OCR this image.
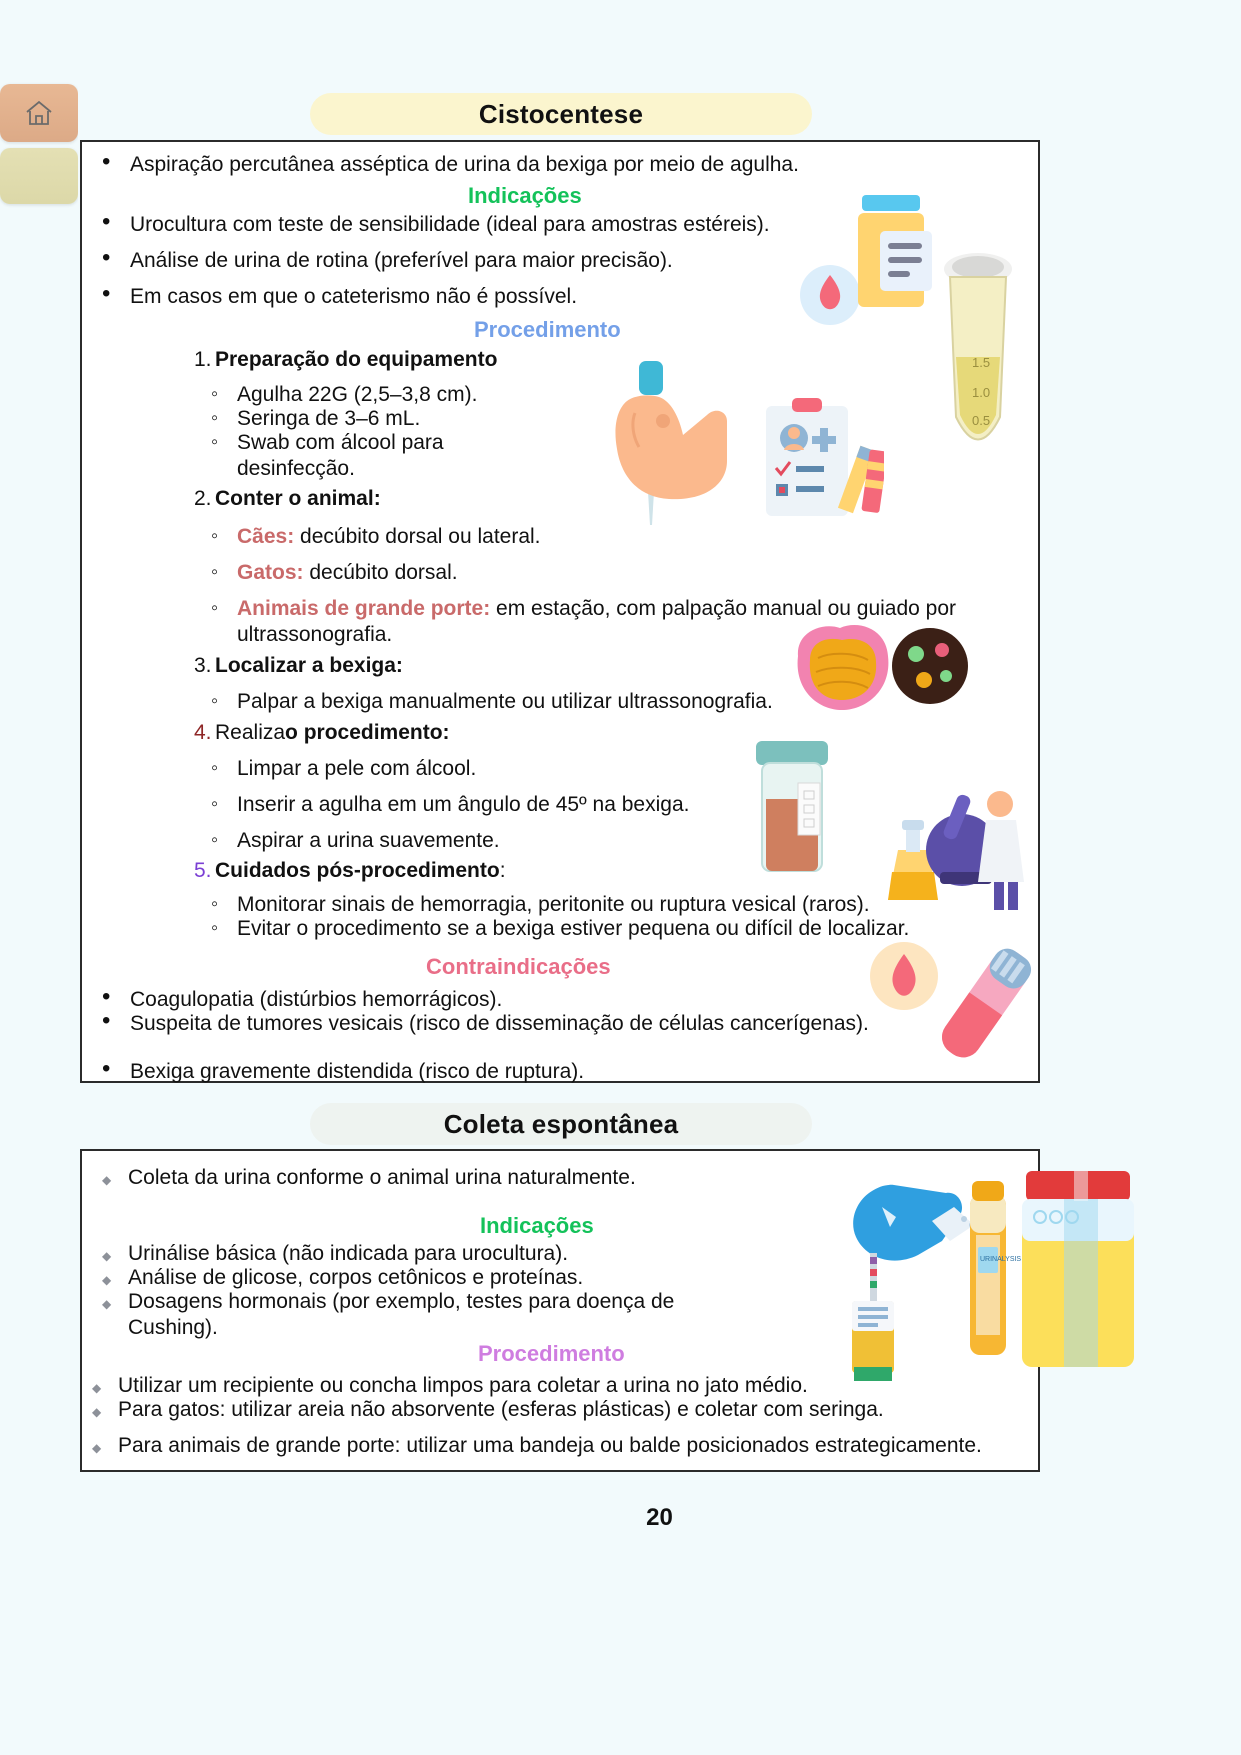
Cistocentese
1.5
1.0
0.5
• Aspiração percutânea asséptica de urina da bexiga por meio de agulha.
Indicações
• Urocultura com teste de sensibilidade (ideal para amostras estéreis).
• Análise de urina de rotina (preferível para maior precisão).
• Em casos em que o cateterismo não é possível.
Procedimento
1. Preparação do equipamento
◦ Agulha 22G (2,5–3,8 cm).
◦ Seringa de 3–6 mL.
◦ Swab com álcool para desinfecção.
2. Conter o animal:
◦ Cães: decúbito dorsal ou lateral.
◦ Gatos: decúbito dorsal.
◦ Animais de grande porte: em estação, com palpação manual ou guiado por ultrassonografia.
3. Localizar a bexiga:
◦ Palpar a bexiga manualmente ou utilizar ultrassonografia.
4. Realizao procedimento:
◦ Limpar a pele com álcool.
◦ Inserir a agulha em um ângulo de 45º na bexiga.
◦ Aspirar a urina suavemente.
5. Cuidados pós-procedimento:
◦ Monitorar sinais de hemorragia, peritonite ou ruptura vesical (raros).
◦ Evitar o procedimento se a bexiga estiver pequena ou difícil de localizar.
Contraindicações
• Coagulopatia (distúrbios hemorrágicos).
• Suspeita de tumores vesicais (risco de disseminação de células cancerígenas).
• Bexiga gravemente distendida (risco de ruptura).
Coleta espontânea
URINALYSIS
◆ Coleta da urina conforme o animal urina naturalmente.
Indicações
◆ Urinálise básica (não indicada para urocultura).
◆ Análise de glicose, corpos cetônicos e proteínas.
◆ Dosagens hormonais (por exemplo, testes para doença de Cushing).
Procedimento
◆ Utilizar um recipiente ou concha limpos para coletar a urina no jato médio.
◆ Para gatos: utilizar areia não absorvente (esferas plásticas) e coletar com seringa.
◆ Para animais de grande porte: utilizar uma bandeja ou balde posicionados estrategicamente.
20
